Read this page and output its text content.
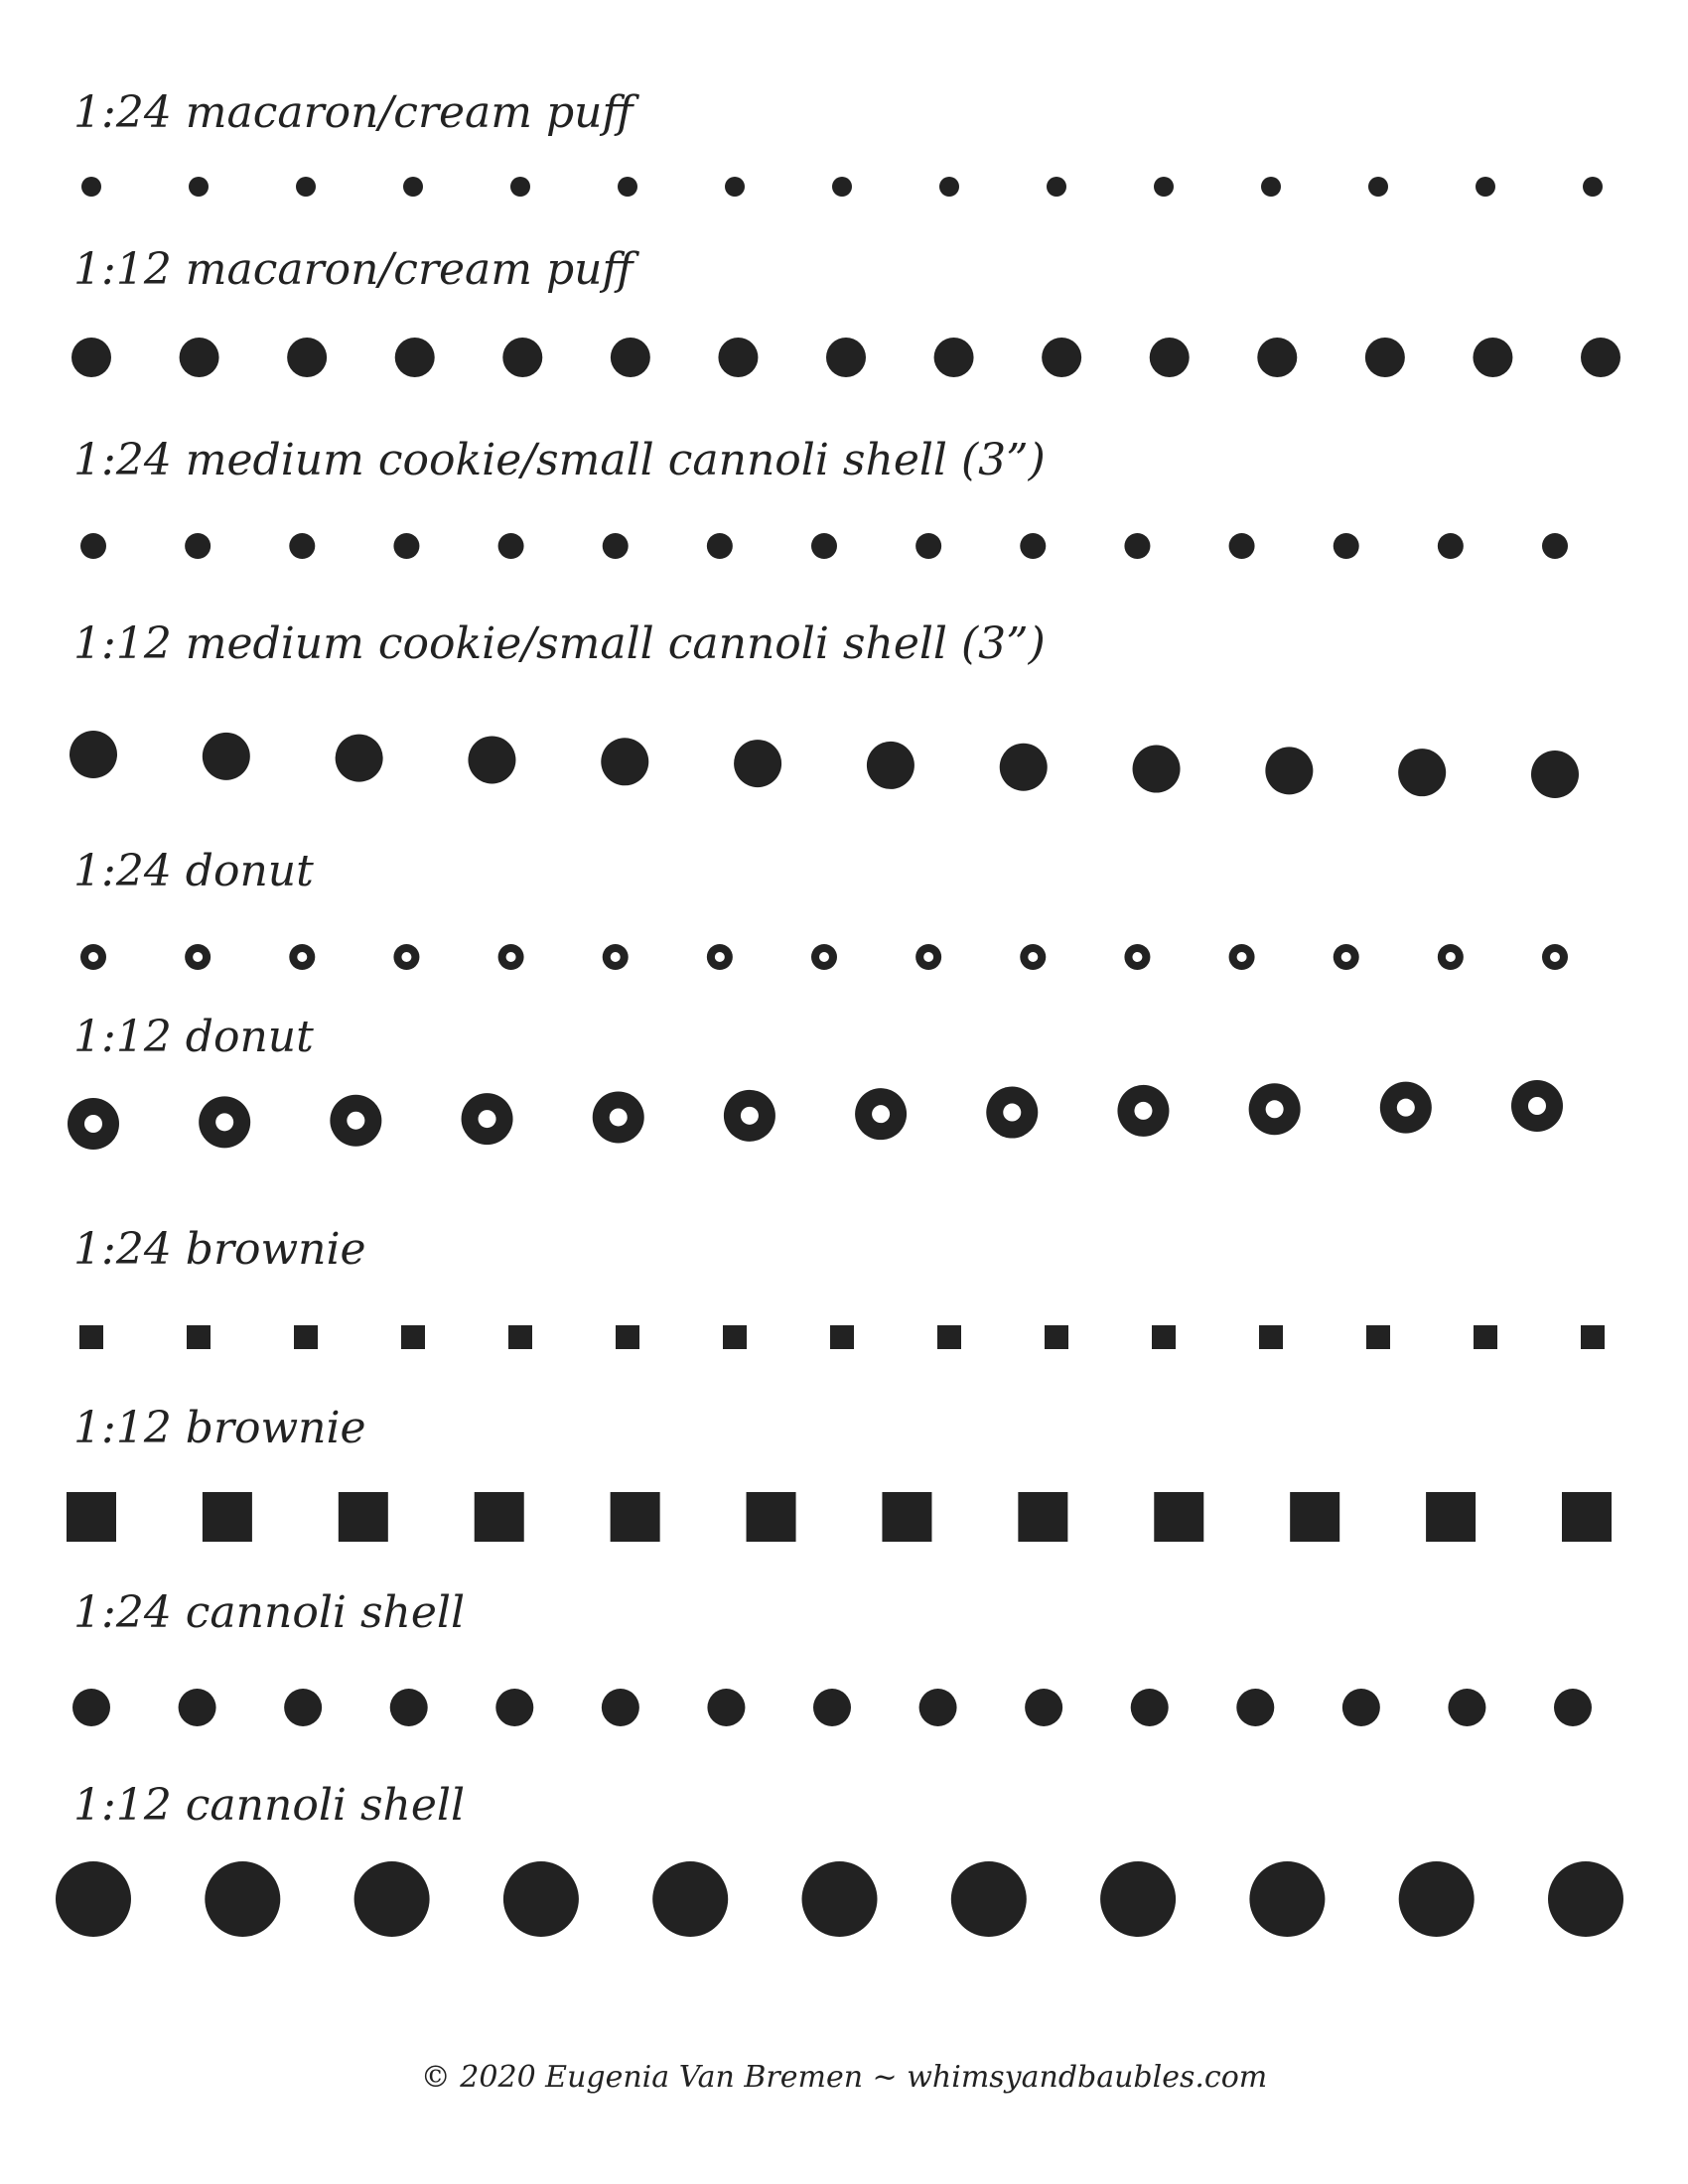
1:24 macaron/cream puff
1:12 macaron/cream puff
1:24 medium cookie/small cannoli shell (3”)
1:12 medium cookie/small cannoli shell (3”)
1:24 donut
1:12 donut
1:24 brownie
1:12 brownie
1:24 cannoli shell
1:12 cannoli shell
© 2020 Eugenia Van Bremen ~ whimsyandbaubles.com
